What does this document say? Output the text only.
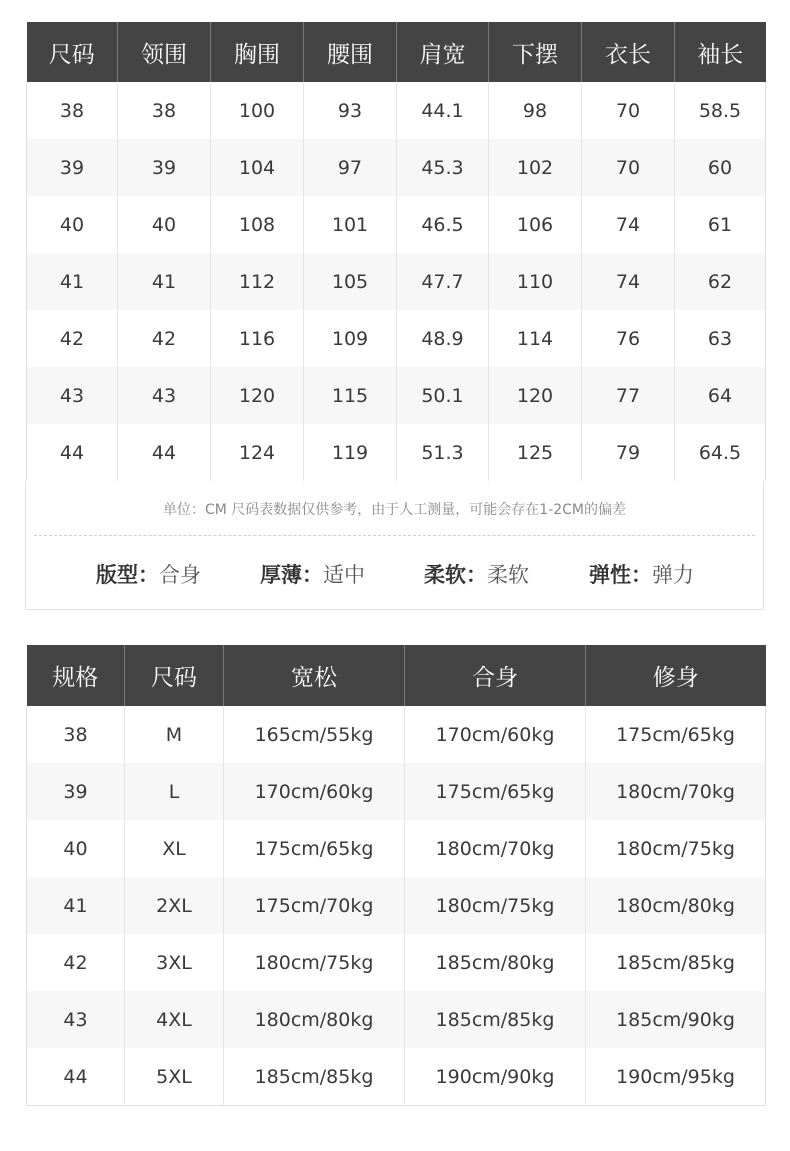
尺码	领围	胸围	腰围	肩宽	下摆	衣长	袖长
38	38	100	93	44.1	98	70	58.5
39	39	104	97	45.3	102	70	60
40	40	108	101	46.5	106	74	61
41	41	112	105	47.7	110	74	62
42	42	116	109	48.9	114	76	63
43	43	120	115	50.1	120	77	64
44	44	124	119	51.3	125	79	64.5
单位：CM 尺码表数据仅供参考，由于人工测量，可能会存在1-2CM的偏差
版型：合身	厚薄：适中	柔软：柔软	弹性：弹力
规格	尺码	宽松	合身	修身
38	M	165cm/55kg	170cm/60kg	175cm/65kg
39	L	170cm/60kg	175cm/65kg	180cm/70kg
40	XL	175cm/65kg	180cm/70kg	180cm/75kg
41	2XL	175cm/70kg	180cm/75kg	180cm/80kg
42	3XL	180cm/75kg	185cm/80kg	185cm/85kg
43	4XL	180cm/80kg	185cm/85kg	185cm/90kg
44	5XL	185cm/85kg	190cm/90kg	190cm/95kg
